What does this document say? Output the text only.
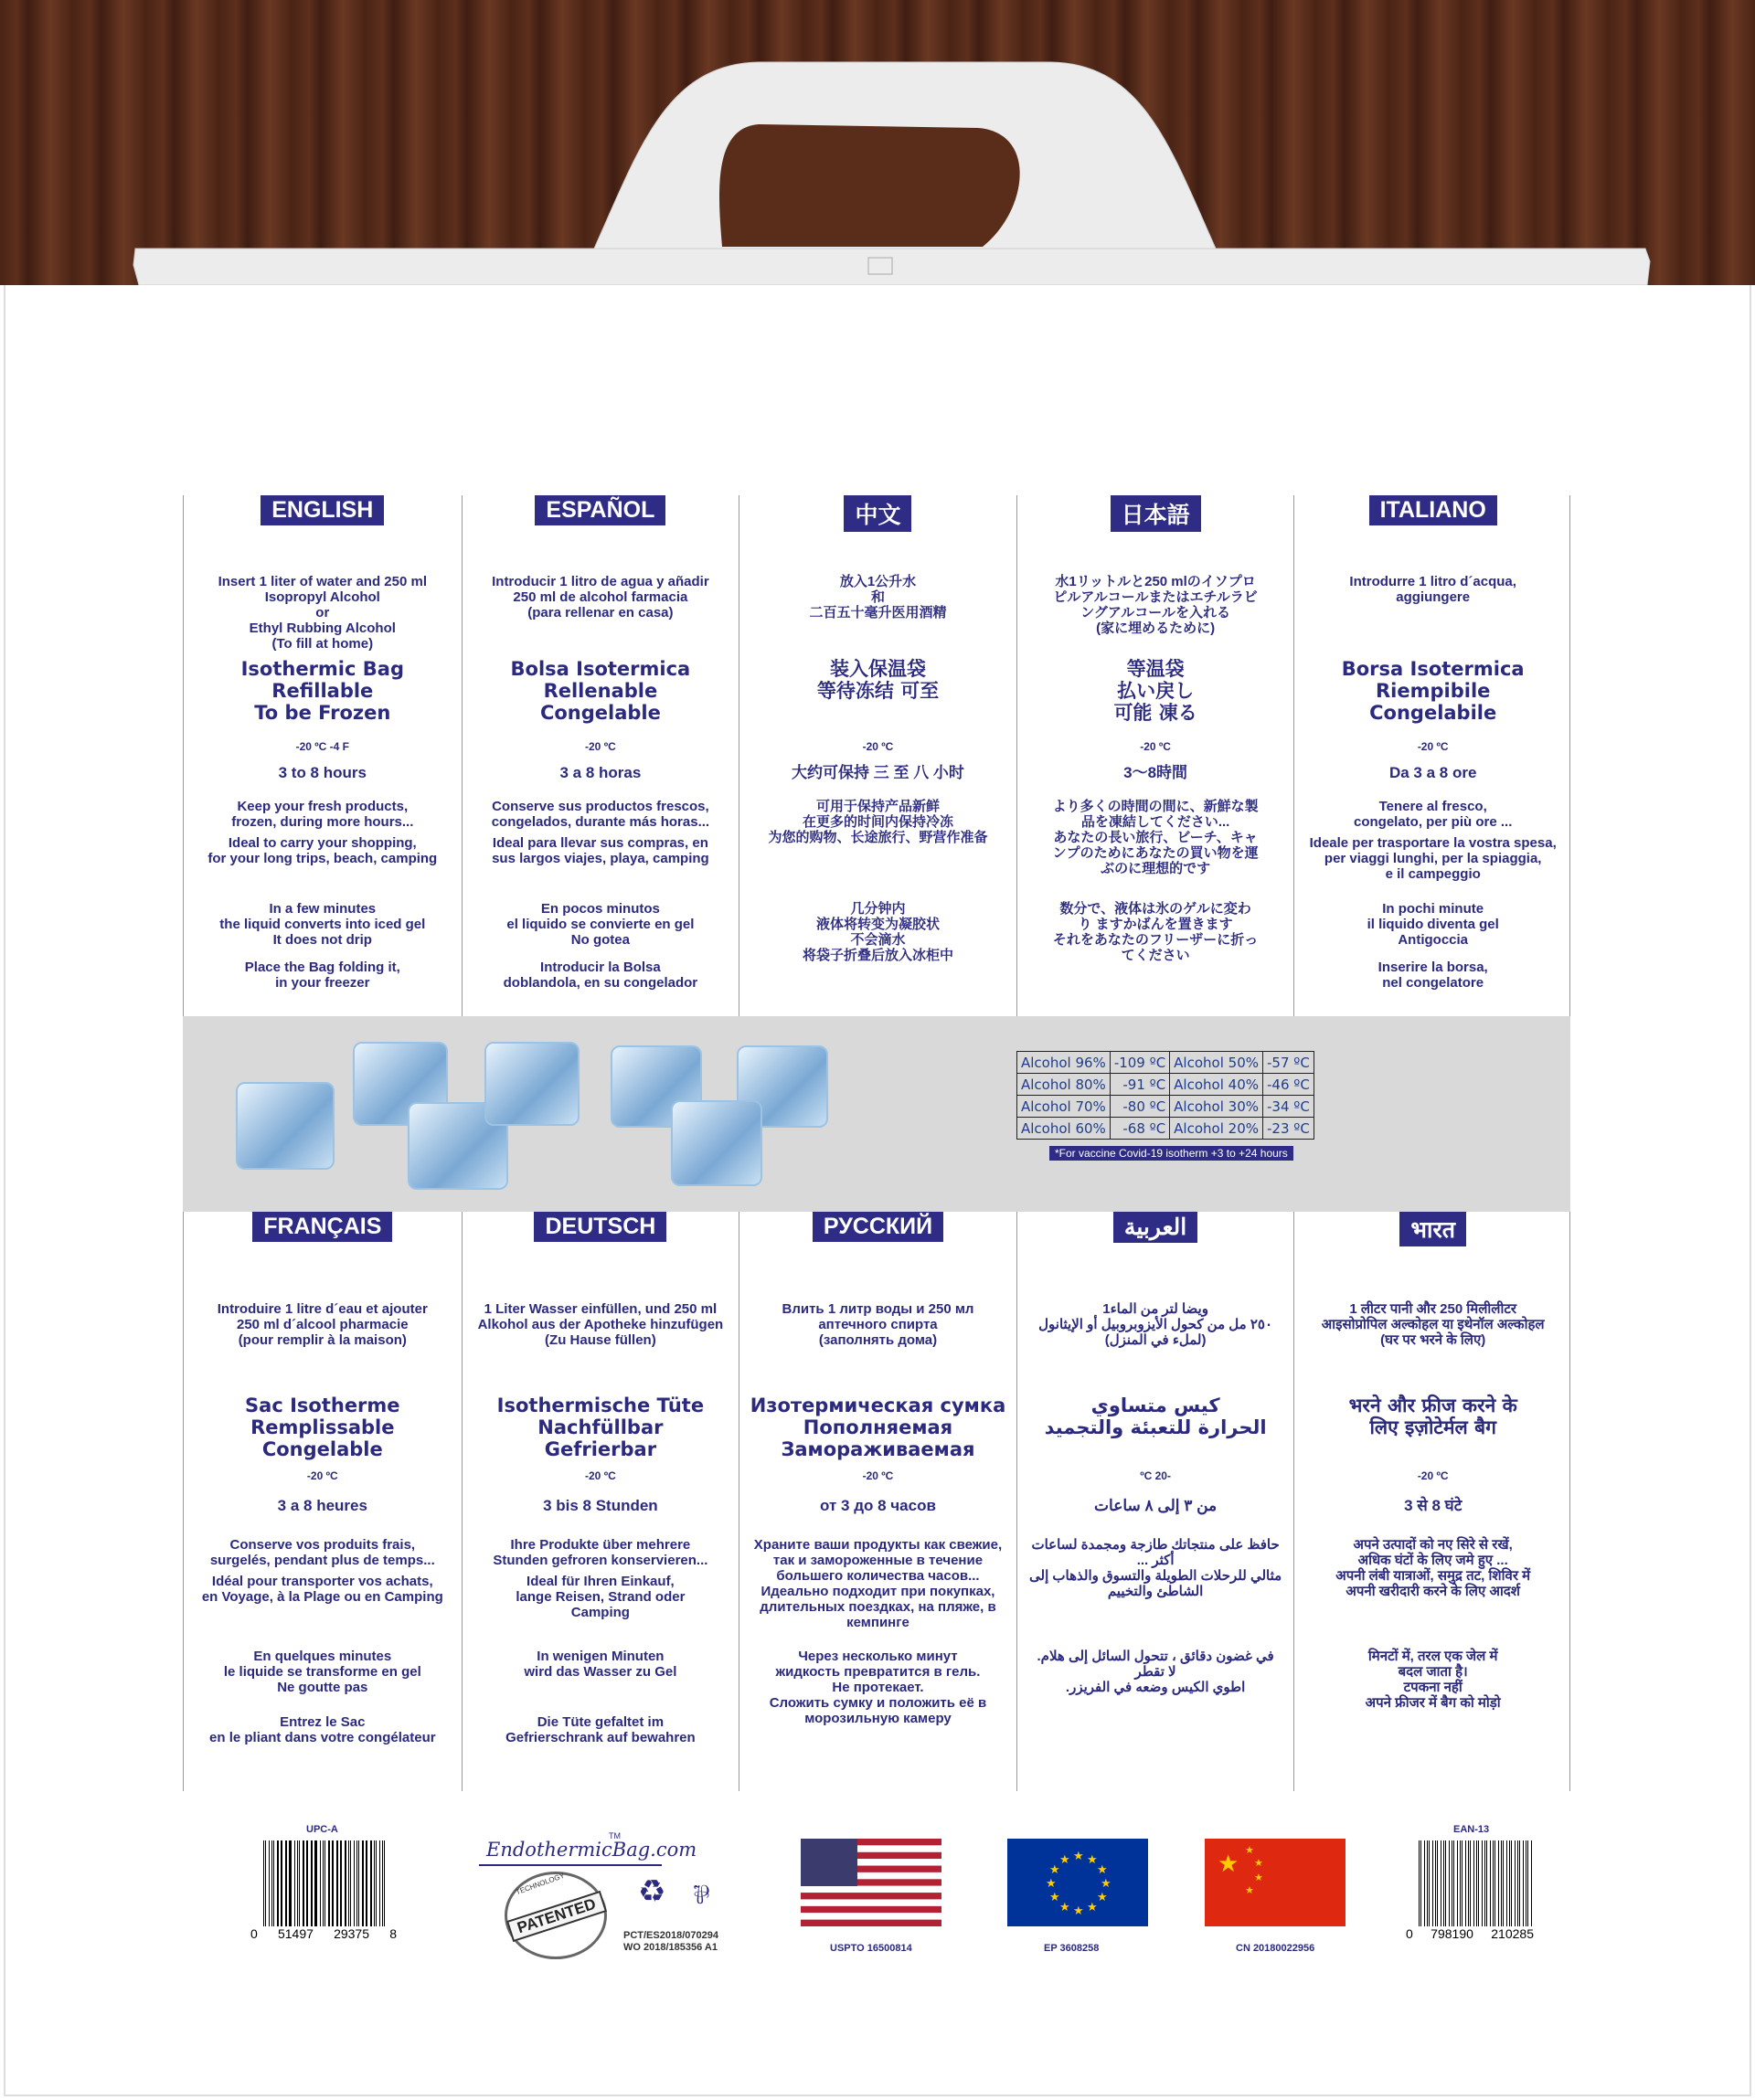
ENGLISH
Insert 1 liter of water and 250 ml
Isopropyl Alcohol
or
Ethyl Rubbing Alcohol
(To fill at home)
Isothermic Bag
Refillable
To be Frozen
-20 ºC -4 F
3 to 8 hours
Keep your fresh products,
frozen, during more hours...
Ideal to carry your shopping,
for your long trips, beach, camping
In a few minutes
the liquid converts into iced gel
It does not drip
Place the Bag folding it,
in your freezer
ESPAÑOL
Introducir 1 litro de agua y añadir
250 ml de alcohol farmacia
(para rellenar en casa)
Bolsa Isotermica
Rellenable
Congelable
-20 ºC
3 a 8 horas
Conserve sus productos frescos,
congelados, durante más horas...
Ideal para llevar sus compras, en
sus largos viajes, playa, camping
En pocos minutos
el liquido se convierte en gel
No gotea
Introducir la Bolsa
doblandola, en su congelador
中文
放入1公升水
和
二百五十毫升医用酒精
装入保温袋
等待冻结 可至
-20 ºC
大约可保持 三 至 八 小时
可用于保持产品新鲜
在更多的时间内保持冷冻
为您的购物、长途旅行、野营作准备
几分钟内
液体将转变为凝胶状
不会滴水
将袋子折叠后放入冰柜中
日本語
水1リットルと250 mlのイソプロ
ピルアルコールまたはエチルラビ
ングアルコールを入れる
(家に埋めるために)
等温袋
払い戻し
可能 凍る
-20 ºC
3〜8時間
より多くの時間の間に、新鮮な製
品を凍結してください...
あなたの長い旅行、ビーチ、キャ
ンプのためにあなたの買い物を運
ぶのに理想的です
数分で、液体は氷のゲルに変わ
り ますかばんを置きます
それをあなたのフリーザーに折っ
てください
ITALIANO
Introdurre 1 litro d´acqua,
aggiungere
Borsa Isotermica
Riempibile
Congelabile
-20 ºC
Da 3 a 8 ore
Tenere al fresco,
congelato, per più ore ...
Ideale per trasportare la vostra spesa,
per viaggi lunghi, per la spiaggia,
e il campeggio
In pochi minute
il liquido diventa gel
Antigoccia
Inserire la borsa,
nel congelatore
Alcohol 96%	-109 ºC	Alcohol 50%	-57 ºC
Alcohol 80%	-91 ºC	Alcohol 40%	-46 ºC
Alcohol 70%	-80 ºC	Alcohol 30%	-34 ºC
Alcohol 60%	-68 ºC	Alcohol 20%	-23 ºC
*For vaccine Covid-19 isotherm +3 to +24 hours
FRANÇAIS
Introduire 1 litre d´eau et ajouter
250 ml d´alcool pharmacie
(pour remplir à la maison)
Sac Isotherme
Remplissable
Congelable
-20 ºC
3 a 8 heures
Conserve vos produits frais,
surgelés, pendant plus de temps...
Idéal pour transporter vos achats,
en Voyage, à la Plage ou en Camping
En quelques minutes
le liquide se transforme en gel
Ne goutte pas
Entrez le Sac
en le pliant dans votre congélateur
DEUTSCH
1 Liter Wasser einfüllen, und 250 ml
Alkohol aus der Apotheke hinzufügen
(Zu Hause füllen)
Isothermische Tüte
Nachfüllbar
Gefrierbar
-20 ºC
3 bis 8 Stunden
Ihre Produkte über mehrere
Stunden gefroren konservieren...
Ideal für Ihren Einkauf,
lange Reisen, Strand oder
Camping
In wenigen Minuten
wird das Wasser zu Gel
Die Tüte gefaltet im
Gefrierschrank auf bewahren
РУССКИЙ
Влить 1 литр воды и 250 мл
аптечного спирта
(заполнять дома)
Изотермическая сумка
Пополняемая
Замораживаемая
-20 ºC
от 3 до 8 часов
Храните ваши продукты как свежие,
так и замороженные в течение
большего количества часов...
Идеально подходит при покупках,
длительных поездках, на пляже, в кемпинге
Через несколько минут
жидкость превратится в гель.
Не протекает.
Сложить сумку и положить её в
морозильную камеру
العربية
ويضا لتر من الماء1
٢٥٠ مل من كحول الأيزوبروبيل أو الإيثانول
(لملء في المنزل)
كيس متساوي
الحرارة للتعبئة والتجميد
-20 ºC
من ٣ إلى ٨ ساعات
حافظ على منتجاتك طازجة ومجمدة لساعات أكثر ...
مثالي للرحلات الطويلة والتسوق والذهاب إلى
الشاطئ والتخييم
في غضون دقائق ، تتحول السائل إلى هلام.
لا تقطر
اطوي الكيس وضعه في الفريزر.
भारत
1 लीटर पानी और 250 मिलीलीटर
आइसोप्रोपिल अल्कोहल या इथेनॉल अल्कोहल
(घर पर भरने के लिए)
भरने और फ्रीज करने के
लिए इज़ोटेर्मल बैग
-20 ºC
3 से 8 घंटे
अपने उत्पादों को नए सिरे से रखें,
अधिक घंटों के लिए जमे हुए ...
अपनी लंबी यात्राओं, समुद्र तट, शिविर में
अपनी खरीदारी करने के लिए आदर्श
मिनटों में, तरल एक जेल में
बदल जाता है।
टपकना नहीं
अपने फ्रीजर में बैग को मोड़ो
UPC-A
0 51497 29375 8
EndothermicBag.com
TM
TECHNOLOGY
PATENTED
♻ ⅌
PCT/ES2018/070294
WO 2018/185356 A1	USPTO 16500814
★
★
★
★
★
★
★
★
★ ★ ★
★
EP 3608258
★ ★
★
★
★
CN 20180022956
EAN-13
0 798190 210285
